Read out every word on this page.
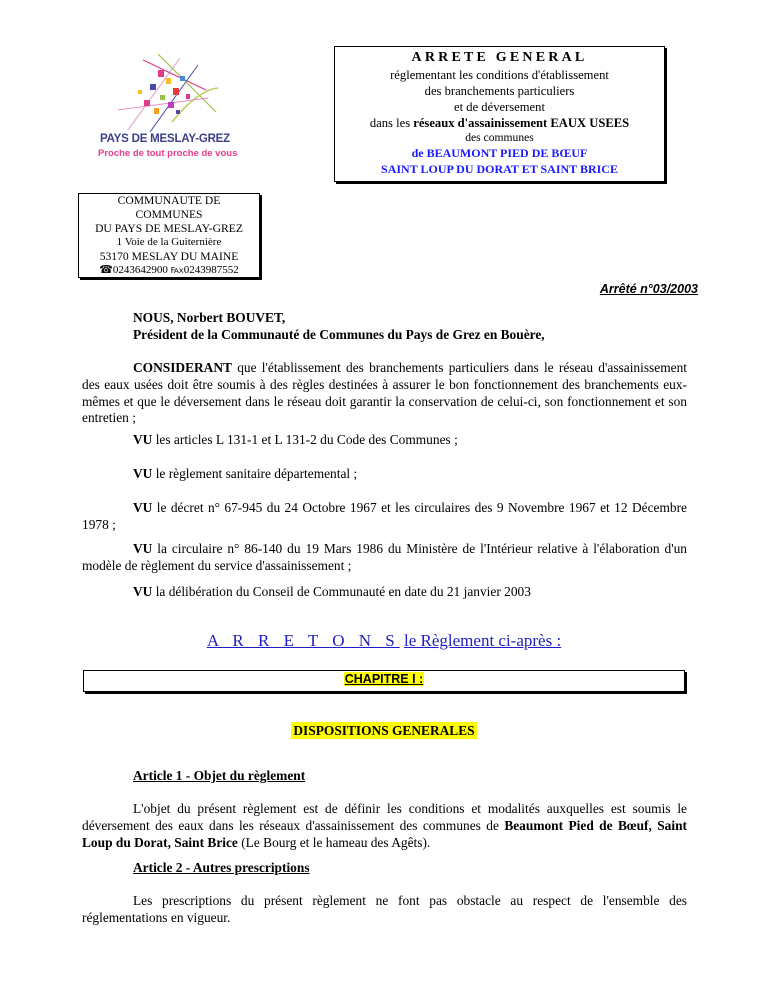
PAYS DE MESLAY-GREZ
Proche de tout proche de vous
ARRETE GENERAL
réglementant les conditions d'établissement
des branchements particuliers
et de déversement
dans les réseaux d'assainissement EAUX USEES
des communes
de BEAUMONT PIED DE BŒUF
SAINT LOUP DU DORAT ET SAINT BRICE
COMMUNAUTE DE
COMMUNES
DU PAYS DE MESLAY-GREZ
1 Voie de la Guiternière
53170 MESLAY DU MAINE
☎0243642900 ℻0243987552
Arrêté n°03/2003
NOUS, Norbert BOUVET,
Président de la Communauté de Communes du Pays de Grez en Bouère,
CONSIDERANT que l'établissement des branchements particuliers dans le réseau d'assainissement des eaux usées doit être soumis à des règles destinées à assurer le bon fonctionnement des branchements eux-mêmes et que le déversement dans le réseau doit garantir la conservation de celui-ci, son fonctionnement et son entretien ;
VU les articles L 131-1 et L 131-2 du Code des Communes ;
VU le règlement sanitaire départemental ;
VU le décret n° 67-945 du 24 Octobre 1967 et les circulaires des 9 Novembre 1967 et 12 Décembre 1978 ;
VU la circulaire n° 86-140 du 19 Mars 1986 du Ministère de l'Intérieur relative à l'élaboration d'un modèle de règlement du service d'assainissement ;
VU la délibération du Conseil de Communauté en date du 21 janvier 2003
A R R E T O N S le Règlement ci-après :
CHAPITRE I :
DISPOSITIONS GENERALES
Article 1 - Objet du règlement
L'objet du présent règlement est de définir les conditions et modalités auxquelles est soumis le déversement des eaux dans les réseaux d'assainissement des communes de Beaumont Pied de Bœuf, Saint Loup du Dorat, Saint Brice (Le Bourg et le hameau des Agêts).
Article 2 - Autres prescriptions
Les prescriptions du présent règlement ne font pas obstacle au respect de l'ensemble des réglementations en vigueur.
